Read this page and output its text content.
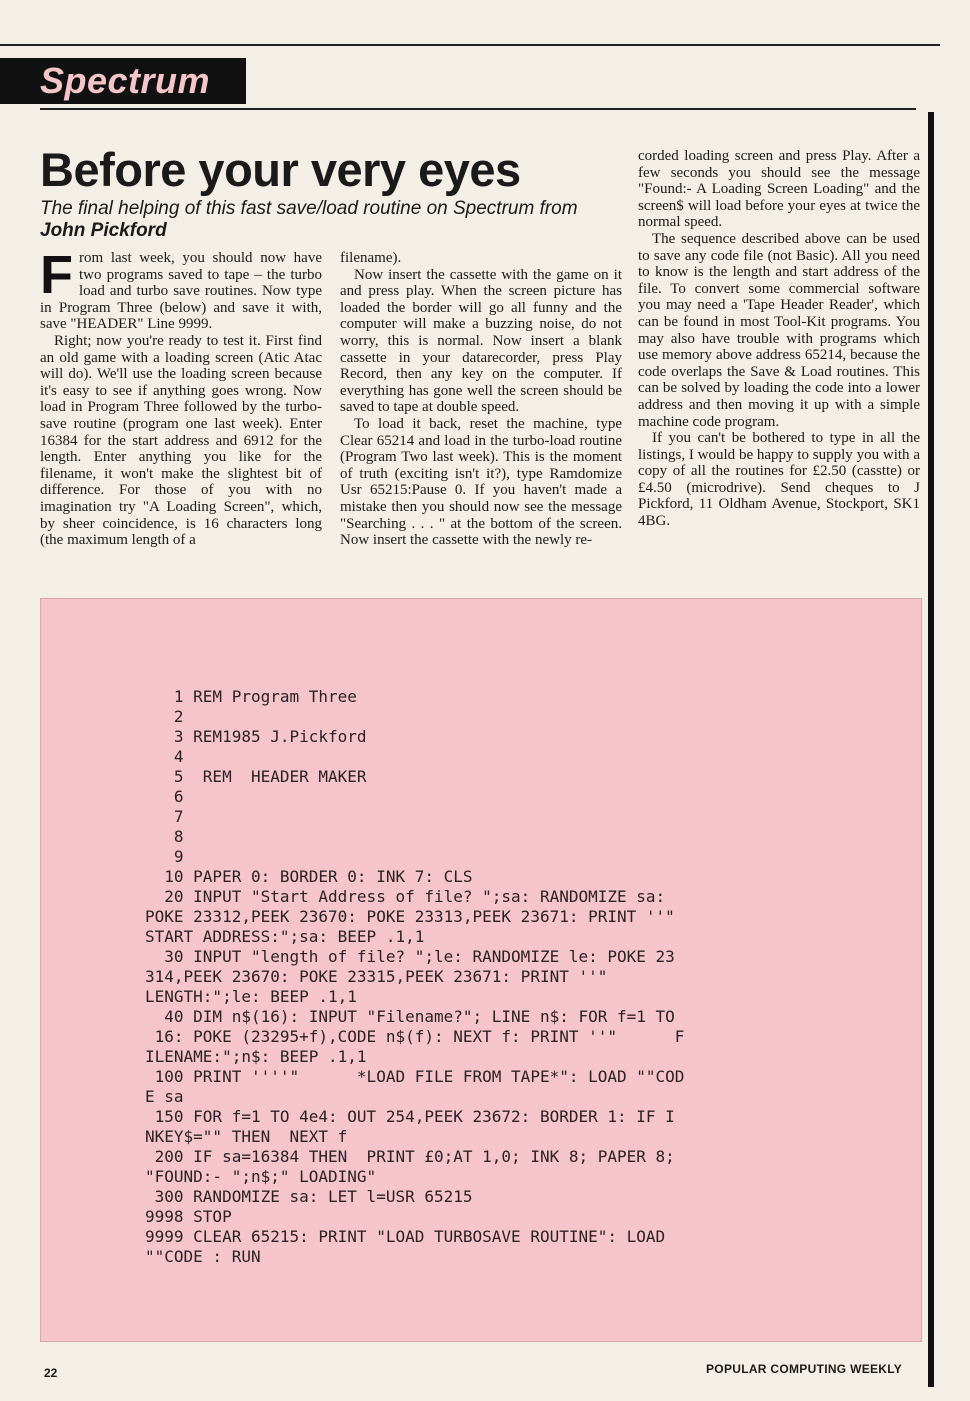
Spectrum
Before your very eyes
The final helping of this fast save/load routine on Spectrum from John Pickford

F rom last week, you should now have two programs saved to tape – the turbo load and turbo save routines. Now type in Program Three (below) and save it with, save "HEADER" Line 9999.

Right; now you're ready to test it. First find an old game with a loading screen (Atic Atac will do). We'll use the loading screen because it's easy to see if anything goes wrong. Now load in Program Three followed by the turbo-save routine (program one last week). Enter 16384 for the start address and 6912 for the length. Enter anything you like for the filename, it won't make the slightest bit of difference. For those of you with no imagination try "A Loading Screen", which, by sheer coincidence, is 16 characters long (the maximum length of a

filename).

Now insert the cassette with the game on it and press play. When the screen picture has loaded the border will go all funny and the computer will make a buzzing noise, do not worry, this is normal. Now insert a blank cassette in your datarecorder, press Play Record, then any key on the computer. If everything has gone well the screen should be saved to tape at double speed.

To load it back, reset the machine, type Clear 65214 and load in the turbo-load routine (Program Two last week). This is the moment of truth (exciting isn't it?), type Ramdomize Usr 65215:Pause 0. If you haven't made a mistake then you should now see the message "Searching . . . " at the bottom of the screen. Now insert the cassette with the newly re-

corded loading screen and press Play. After a few seconds you should see the message "Found:- A Loading Screen Loading" and the screen$ will load before your eyes at twice the normal speed.

The sequence described above can be used to save any code file (not Basic). All you need to know is the length and start address of the file. To convert some commercial software you may need a 'Tape Header Reader', which can be found in most Tool-Kit programs. You may also have trouble with programs which use memory above address 65214, because the code overlaps the Save & Load routines. This can be solved by loading the code into a lower address and then moving it up with a simple machine code program.

If you can't be bothered to type in all the listings, I would be happy to supply you with a copy of all the routines for £2.50 (casstte) or £4.50 (microdrive). Send cheques to J Pickford, 11 Oldham Avenue, Stockport, SK1 4BG.

1 REM Program Three
2
3 REM1985 J.Pickford
4
5  REM  HEADER MAKER
6
7
8
9
10 PAPER 0: BORDER 0: INK 7: CLS
20 INPUT "Start Address of file? ";sa: RANDOMIZE sa:
POKE 23312,PEEK 23670: POKE 23313,PEEK 23671: PRINT ''"
START ADDRESS:";sa: BEEP .1,1
30 INPUT "length of file? ";le: RANDOMIZE le: POKE 23
314,PEEK 23670: POKE 23315,PEEK 23671: PRINT ''"
LENGTH:";le: BEEP .1,1
40 DIM n$(16): INPUT "Filename?"; LINE n$: FOR f=1 TO
16: POKE (23295+f),CODE n$(f): NEXT f: PRINT ''"      F
ILENAME:";n$: BEEP .1,1
100 PRINT ''''"      *LOAD FILE FROM TAPE*": LOAD ""COD
E sa
150 FOR f=1 TO 4e4: OUT 254,PEEK 23672: BORDER 1: IF I
NKEY$="" THEN  NEXT f
200 IF sa=16384 THEN  PRINT £0;AT 1,0; INK 8; PAPER 8;
"FOUND:- ";n$;" LOADING"
300 RANDOMIZE sa: LET l=USR 65215
9998 STOP
9999 CLEAR 65215: PRINT "LOAD TURBOSAVE ROUTINE": LOAD
""CODE : RUN
22	POPULAR COMPUTING WEEKLY
